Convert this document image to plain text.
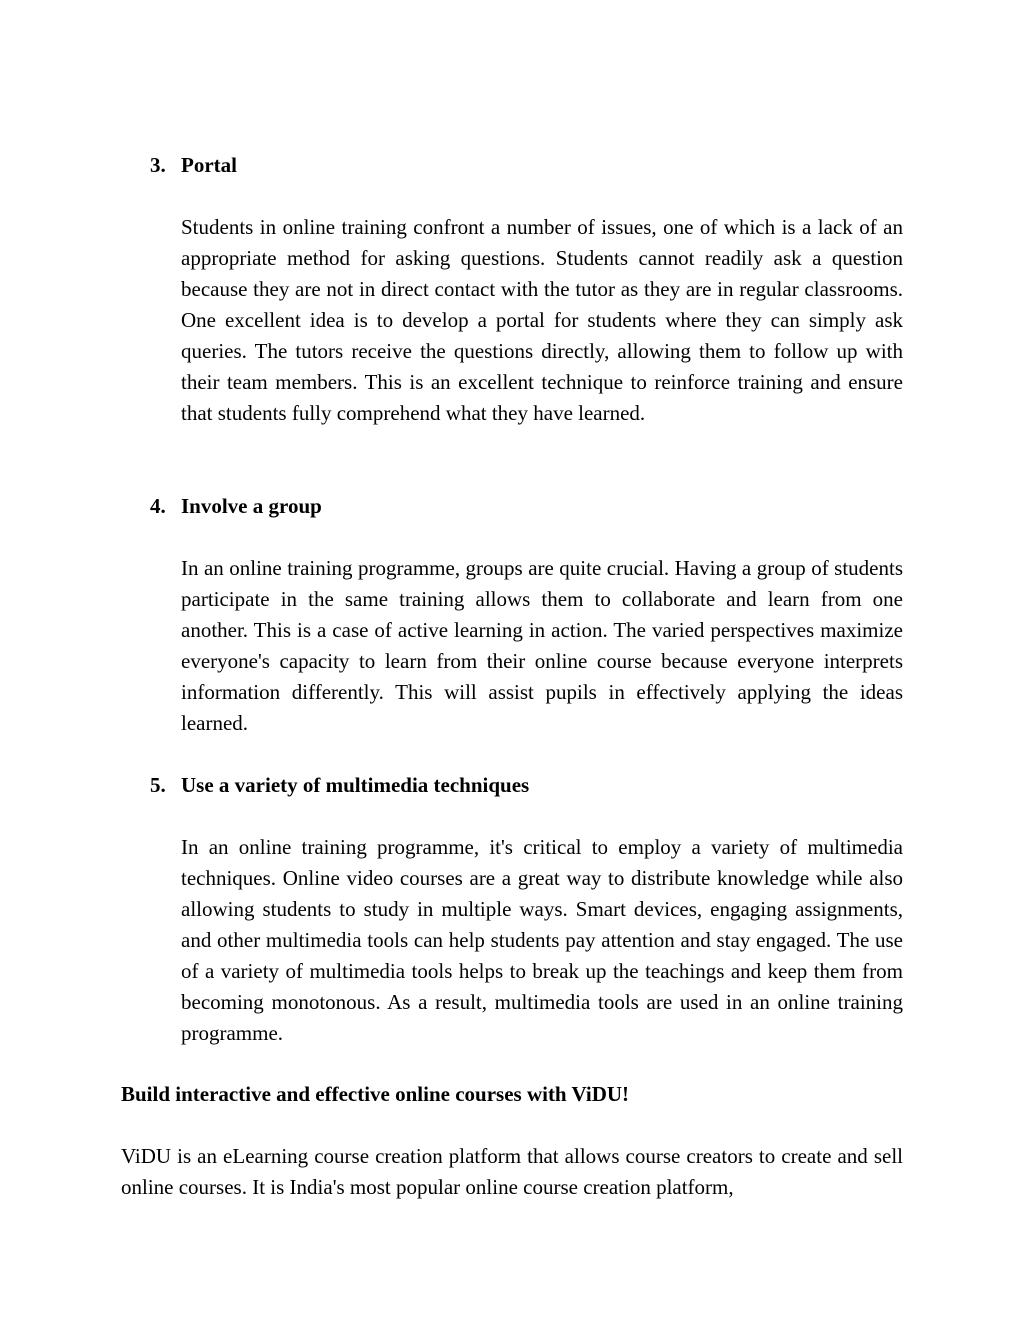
3. Portal

Students in online training confront a number of issues, one of which is a lack of an appropriate method for asking questions. Students cannot readily ask a question because they are not in direct contact with the tutor as they are in regular classrooms. One excellent idea is to develop a portal for students where they can simply ask queries. The tutors receive the questions directly, allowing them to follow up with their team members. This is an excellent technique to reinforce training and ensure that students fully comprehend what they have learned.

4. Involve a group

In an online training programme, groups are quite crucial. Having a group of students participate in the same training allows them to collaborate and learn from one another. This is a case of active learning in action. The varied perspectives maximize everyone's capacity to learn from their online course because everyone interprets information differently. This will assist pupils in effectively applying the ideas learned.

5. Use a variety of multimedia techniques

In an online training programme, it's critical to employ a variety of multimedia techniques. Online video courses are a great way to distribute knowledge while also allowing students to study in multiple ways. Smart devices, engaging assignments, and other multimedia tools can help students pay attention and stay engaged. The use of a variety of multimedia tools helps to break up the teachings and keep them from becoming monotonous. As a result, multimedia tools are used in an online training programme.

Build interactive and effective online courses with ViDU!

ViDU is an eLearning course creation platform that allows course creators to create and sell online courses. It is India's most popular online course creation platform,
